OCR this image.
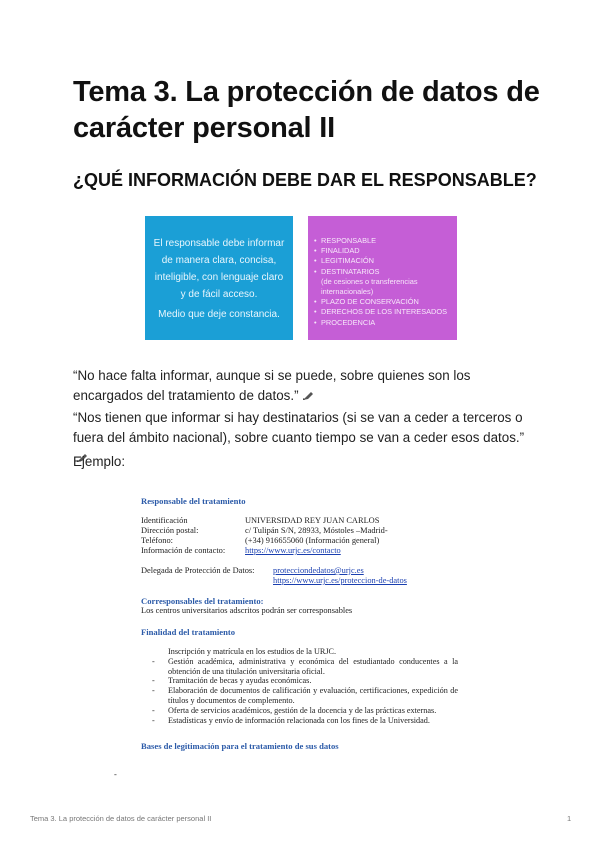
Tema 3. La protección de datos de carácter personal II
¿QUÉ INFORMACIÓN DEBE DAR EL RESPONSABLE?
El responsable debe informar
de manera clara, concisa,
inteligible, con lenguaje claro
y de fácil acceso.
Medio que deje constancia.
• RESPONSABLE
• FINALIDAD
• LEGITIMACIÓN
• DESTINATARIOS
(de cesiones o transferencias
internacionales)
• PLAZO DE CONSERVACIÓN
• DERECHOS DE LOS INTERESADOS
• PROCEDENCIA
“No hace falta informar, aunque si se puede, sobre quienes son los encargados del tratamiento de datos.”
“Nos tienen que informar si hay destinatarios (si se van a ceder a terceros o fuera del ámbito nacional), sobre cuanto tiempo se van a ceder esos datos.”
Ejemplo:
Responsable del tratamiento
Identificación	UNIVERSIDAD REY JUAN CARLOS
Dirección postal:	c/ Tulipán S/N, 28933, Móstoles –Madrid-
Teléfono:	(+34) 916655060 (Información general)
Información de contacto: https://www.urjc.es/contacto
Delegada de Protección de Datos: protecciondedatos@urjc.es
https://www.urjc.es/proteccion-de-datos
Corresponsables del tratamiento:
Los centros universitarios adscritos podrán ser corresponsables
Finalidad del tratamiento
Inscripción y matrícula en los estudios de la URJC.
- Gestión académica, administrativa y económica del estudiantado conducentes a la obtención de una titulación universitaria oficial.
- Tramitación de becas y ayudas económicas.
- Elaboración de documentos de calificación y evaluación, certificaciones, expedición de títulos y documentos de complemento.
- Oferta de servicios académicos, gestión de la docencia y de las prácticas externas.
- Estadísticas y envío de información relacionada con los fines de la Universidad.
Bases de legitimación para el tratamiento de sus datos
-
Tema 3. La protección de datos de carácter personal II	1
